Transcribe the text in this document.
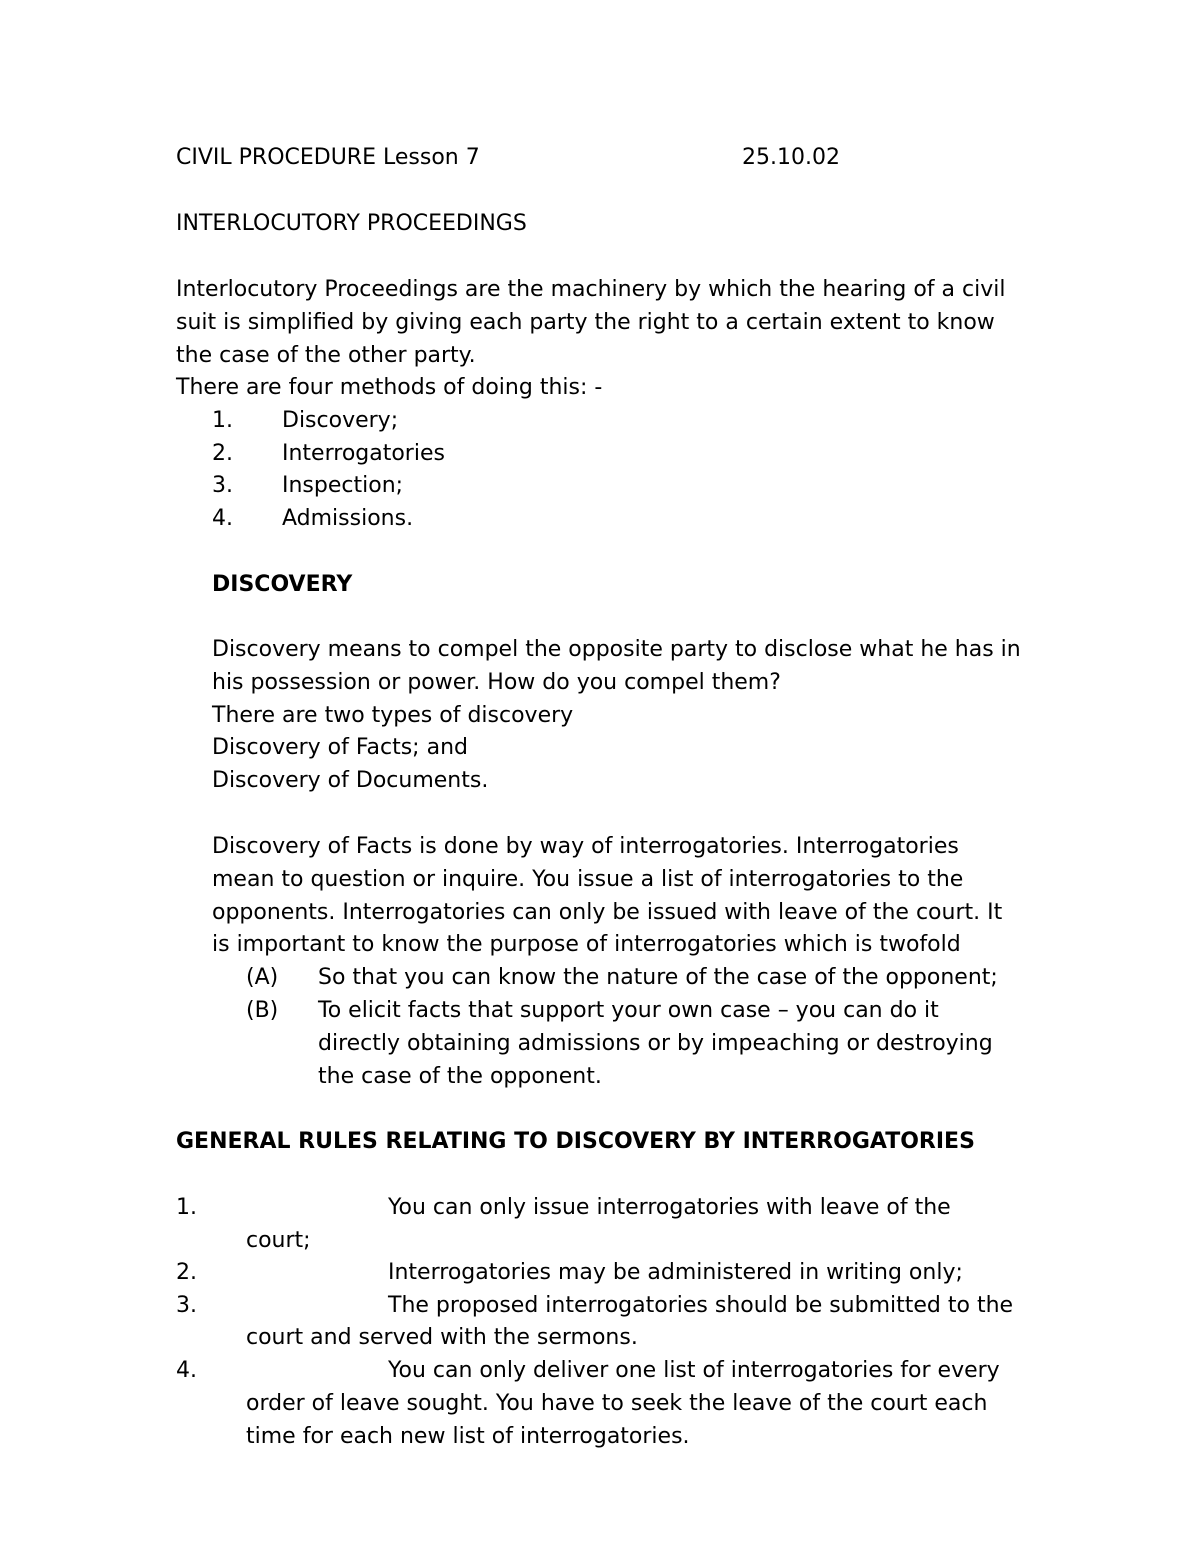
CIVIL PROCEDURE Lesson 7	25.10.02
INTERLOCUTORY PROCEEDINGS
Interlocutory Proceedings are the machinery by which the hearing of a civil
suit is simplified by giving each party the right to a certain extent to know
the case of the other party.
There are four methods of doing this: -
1. Discovery;
2. Interrogatories
3. Inspection;
4. Admissions.
DISCOVERY
Discovery means to compel the opposite party to disclose what he has in
his possession or power. How do you compel them?
There are two types of discovery
Discovery of Facts; and
Discovery of Documents.
Discovery of Facts is done by way of interrogatories. Interrogatories
mean to question or inquire. You issue a list of interrogatories to the
opponents. Interrogatories can only be issued with leave of the court. It
is important to know the purpose of interrogatories which is twofold
(A) So that you can know the nature of the case of the opponent;
(B) To elicit facts that support your own case – you can do it
directly obtaining admissions or by impeaching or destroying
the case of the opponent.
GENERAL RULES RELATING TO DISCOVERY BY INTERROGATORIES
1.	You can only issue interrogatories with leave of the
court;
2.	Interrogatories may be administered in writing only;
3.	The proposed interrogatories should be submitted to the
court and served with the sermons.
4.	You can only deliver one list of interrogatories for every
order of leave sought. You have to seek the leave of the court each
time for each new list of interrogatories.
